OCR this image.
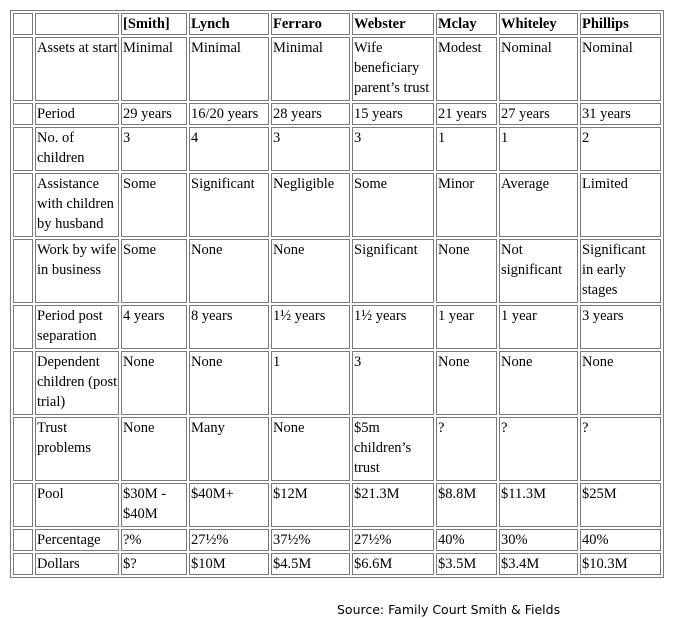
		[Smith]	Lynch	Ferraro	Webster	Mclay	Whiteley	Phillips
	Assets at start	Minimal	Minimal	Minimal	Wife beneficiary parent’s trust	Modest	Nominal	Nominal
	Period	29 years	16/20 years	28 years	15 years	21 years	27 years	31 years
	No. of children	3	4	3	3	1	1	2
	Assistance with children by husband	Some	Significant	Negligible	Some	Minor	Average	Limited
	Work by wife in business	Some	None	None	Significant	None	Not significant	Significant in early stages
	Period post separation	4 years	8 years	1½ years	1½ years	1 year	1 year	3 years
	Dependent children (post trial)	None	None	1	3	None	None	None
	Trust problems	None	Many	None	$5m children’s trust	?	?	?
	Pool	$30M - $40M	$40M+	$12M	$21.3M	$8.8M	$11.3M	$25M
	Percentage	?%	27½%	37½%	27½%	40%	30%	40%
	Dollars	$?	$10M	$4.5M	$6.6M	$3.5M	$3.4M	$10.3M
Source: Family Court Smith & Fields
